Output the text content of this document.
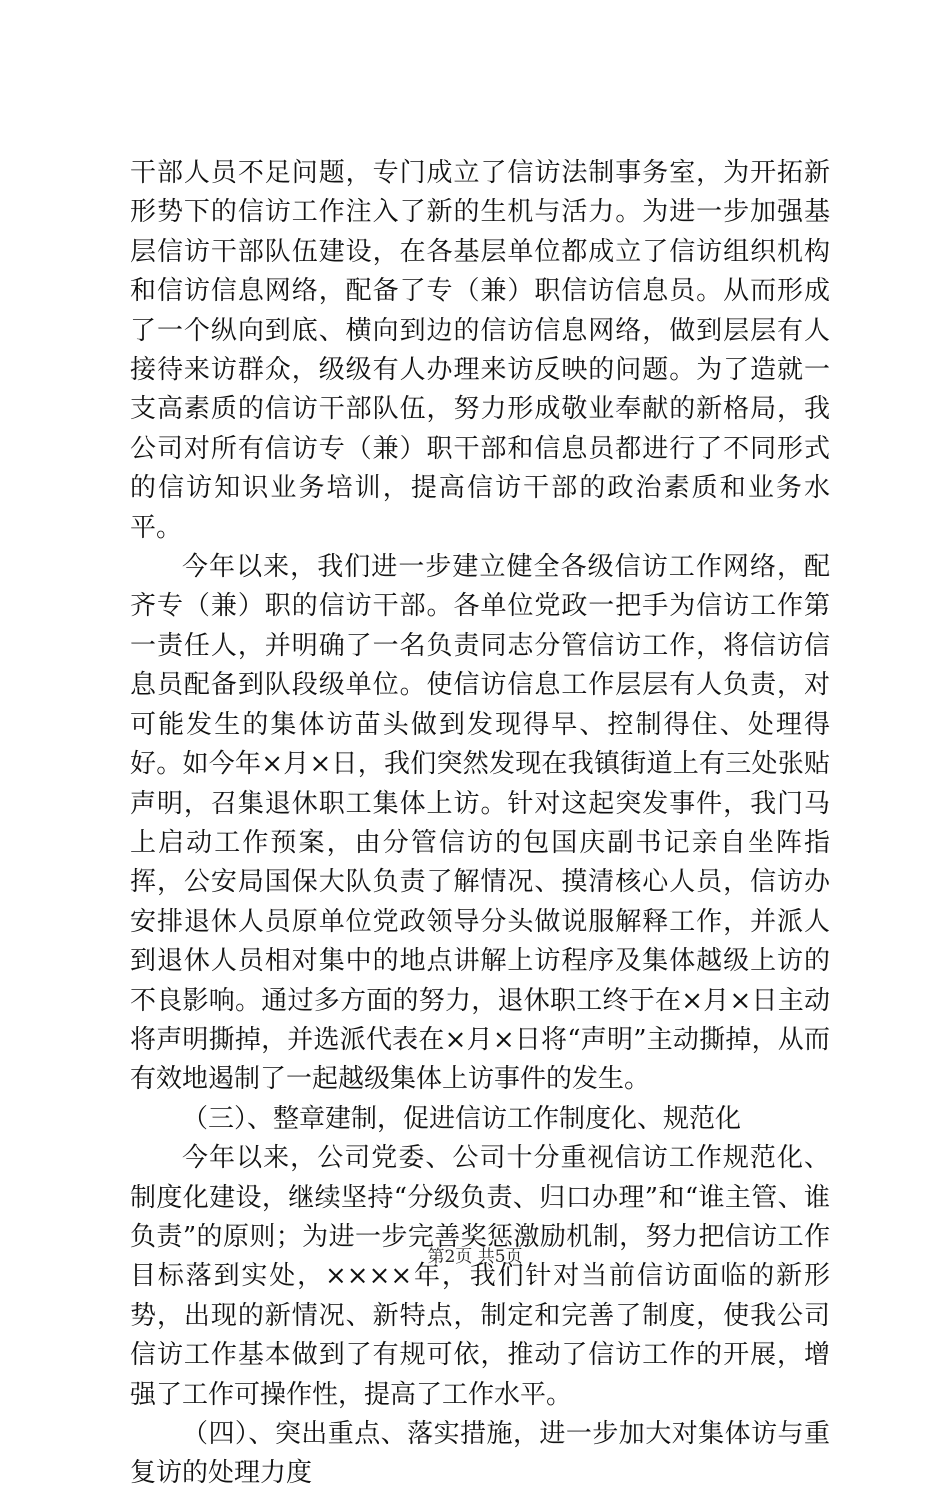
干部人员不足问题，专门成立了信访法制事务室，为开拓新形势下的信访工作注入了新的生机与活力。为进一步加强基层信访干部队伍建设，在各基层单位都成立了信访组织机构和信访信息网络，配备了专（兼）职信访信息员。从而形成了一个纵向到底、横向到边的信访信息网络，做到层层有人接待来访群众，级级有人办理来访反映的问题。为了造就一支高素质的信访干部队伍，努力形成敬业奉献的新格局，我公司对所有信访专（兼）职干部和信息员都进行了不同形式的信访知识业务培训，提高信访干部的政治素质和业务水平。

今年以来，我们进一步建立健全各级信访工作网络，配齐专（兼）职的信访干部。各单位党政一把手为信访工作第一责任人，并明确了一名负责同志分管信访工作，将信访信息员配备到队段级单位。使信访信息工作层层有人负责，对可能发生的集体访苗头做到发现得早、控制得住、处理得好。如今年×月×日，我们突然发现在我镇街道上有三处张贴声明，召集退休职工集体上访。针对这起突发事件，我门马上启动工作预案，由分管信访的包国庆副书记亲自坐阵指挥，公安局国保大队负责了解情况、摸清核心人员，信访办安排退休人员原单位党政领导分头做说服解释工作，并派人到退休人员相对集中的地点讲解上访程序及集体越级上访的不良影响。通过多方面的努力，退休职工终于在×月×日主动将声明撕掉，并选派代表在×月×日将“声明”主动撕掉，从而有效地遏制了一起越级集体上访事件的发生。

（三）、整章建制，促进信访工作制度化、规范化

今年以来，公司党委、公司十分重视信访工作规范化、制度化建设，继续坚持“分级负责、归口办理”和“谁主管、谁负责”的原则；为进一步完善奖惩激励机制，努力把信访工作目标落到实处，××××年，我们针对当前信访面临的新形势，出现的新情况、新特点，制定和完善了制度，使我公司信访工作基本做到了有规可依，推动了信访工作的开展，增强了工作可操作性，提高了工作水平。

（四）、突出重点、落实措施，进一步加大对集体访与重复访的处理力度

第2页 共5页
